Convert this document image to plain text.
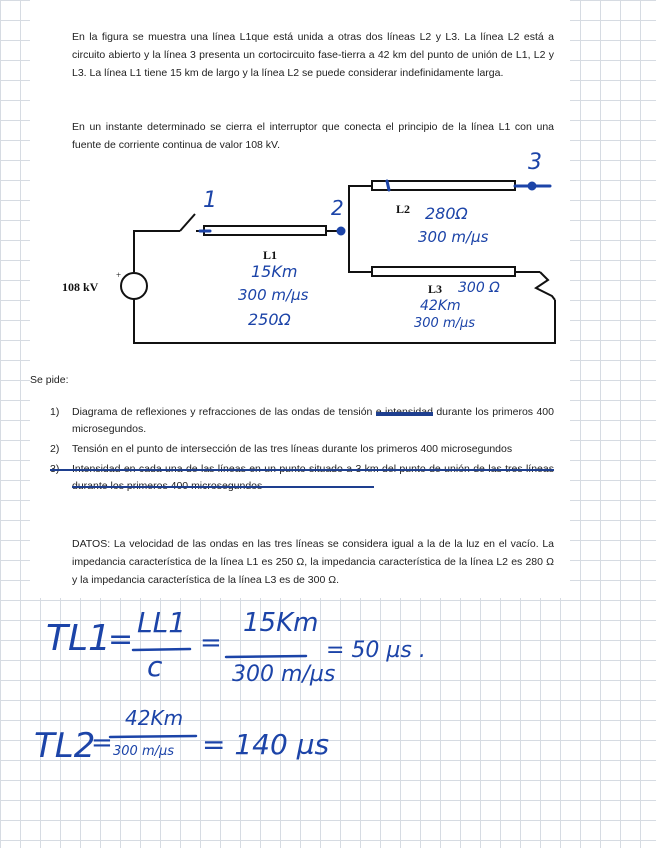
En la figura se muestra una línea L1que está unida a otras dos líneas L2 y L3. La línea L2 está a circuito abierto y la línea 3 presenta un cortocircuito fase-tierra a 42 km del punto de unión de L1, L2 y L3. La línea L1 tiene 15 km de largo y la línea L2 se puede considerar indefinidamente larga.

En un instante determinado se cierra el interruptor que conecta el principio de la línea L1 con una fuente de corriente continua de valor 108 kV.

+
108 kV
L1
L2
L3
1	2
3
15Km
300 m/µs
250Ω
280Ω
300 m/µs
300 Ω
42Km
300 m/µs
Se pide:
1) Diagrama de reflexiones y refracciones de las ondas de tensión	durante los primeros 400 microsegundos.
2) Tensión en el punto de intersección de las tres líneas durante los primeros 400 microsegundos

DATOS: La velocidad de las ondas en las tres líneas se considera igual a la de la luz en el vacío. La impedancia característica de la línea L1 es 250 Ω, la impedancia característica de la línea L2 es 280 Ω y la impedancia característica de la línea L3 es de 300 Ω.

TL1
= LL1
c
=
15Km
300 m/µs
= 50 µs .
TL2
=
42Km
300 m/µs = 140 µs
